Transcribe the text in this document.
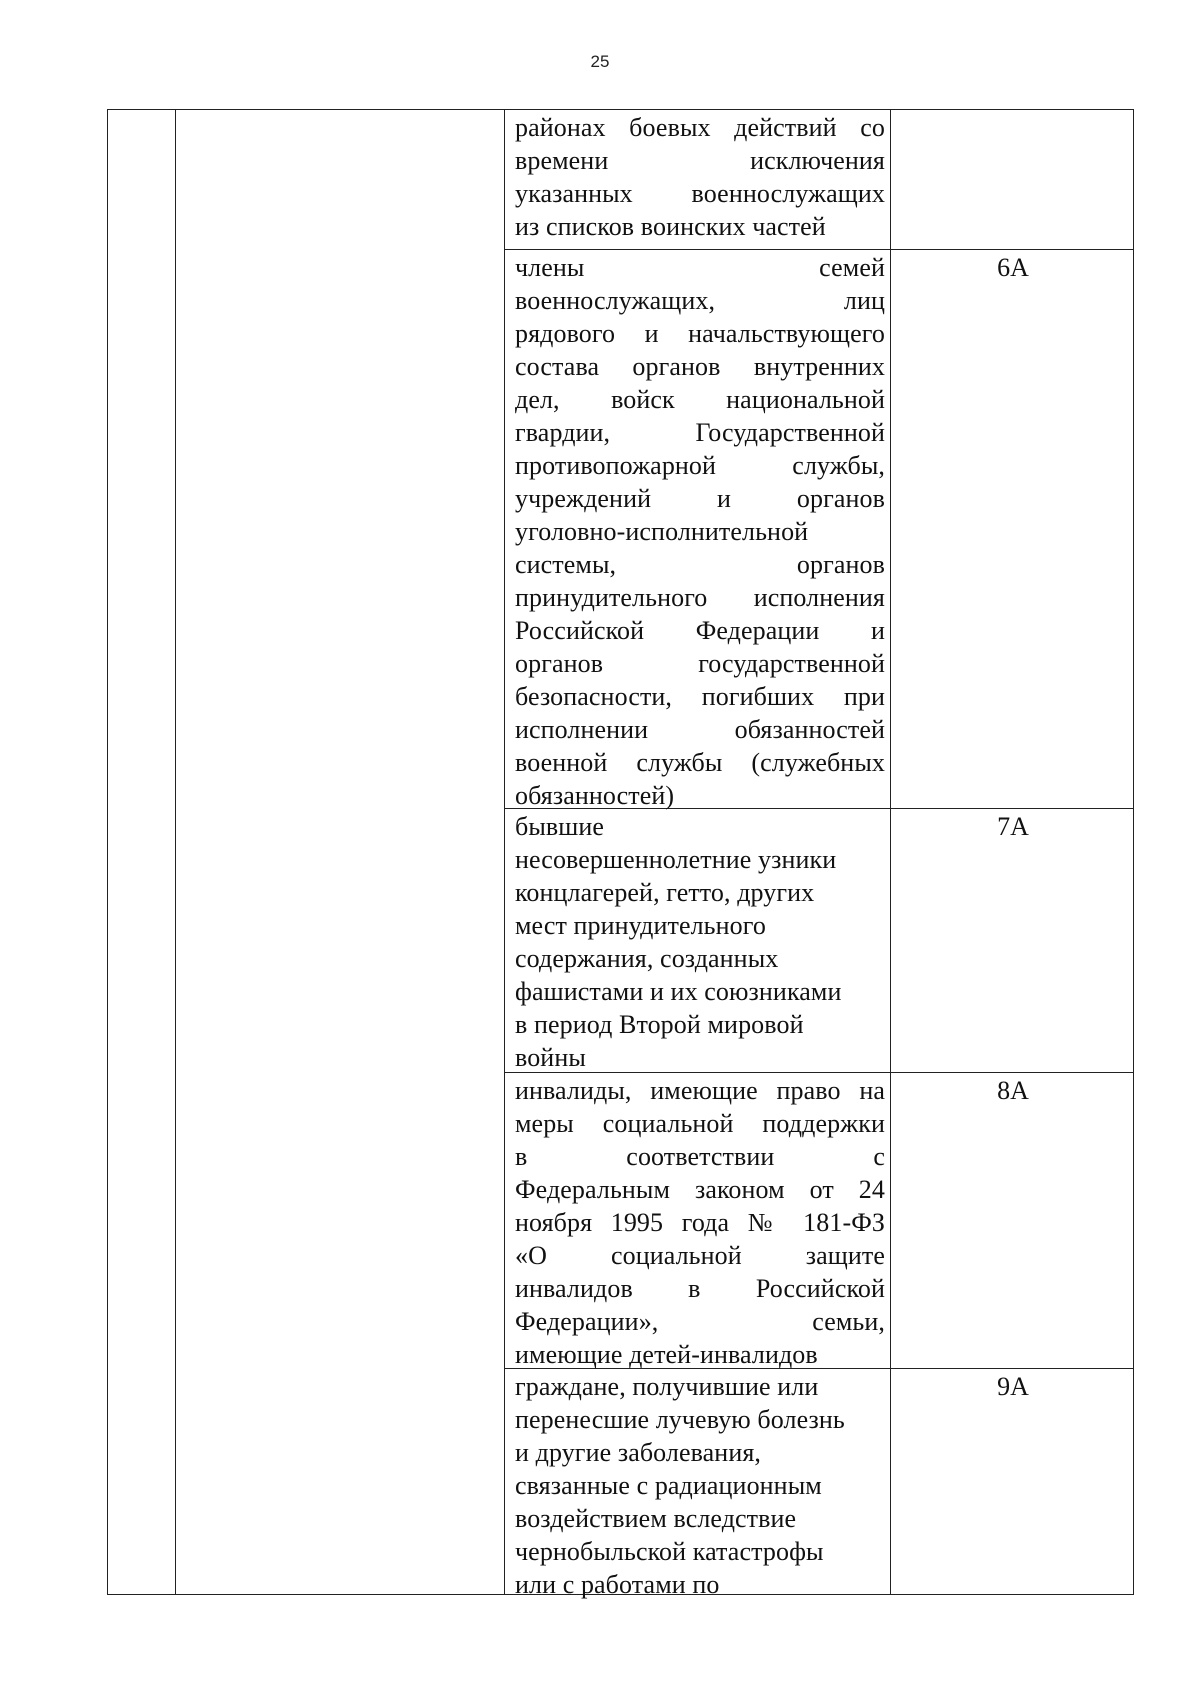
25
районах боевых действий со
времени исключения
указанных военнослужащих
из списков воинских частей
члены семей
военнослужащих, лиц
рядового и начальствующего
состава органов внутренних
дел, войск национальной
гвардии, Государственной
противопожарной службы,
учреждений и органов
уголовно-исполнительной
системы, органов
принудительного исполнения
Российской Федерации и
органов государственной
безопасности, погибших при
исполнении обязанностей
военной службы (служебных
обязанностей)
6А
бывшие
несовершеннолетние узники
концлагерей, гетто, других
мест принудительного
содержания, созданных
фашистами и их союзниками
в период Второй мировой
войны
7А
инвалиды, имеющие право на
меры социальной поддержки
в соответствии с
Федеральным законом от 24
ноября 1995 года № 181-ФЗ
«О социальной защите
инвалидов в Российской
Федерации», семьи,
имеющие детей-инвалидов
8А
граждане, получившие или
перенесшие лучевую болезнь
и другие заболевания,
связанные с радиационным
воздействием вследствие
чернобыльской катастрофы
или с работами по
9А
